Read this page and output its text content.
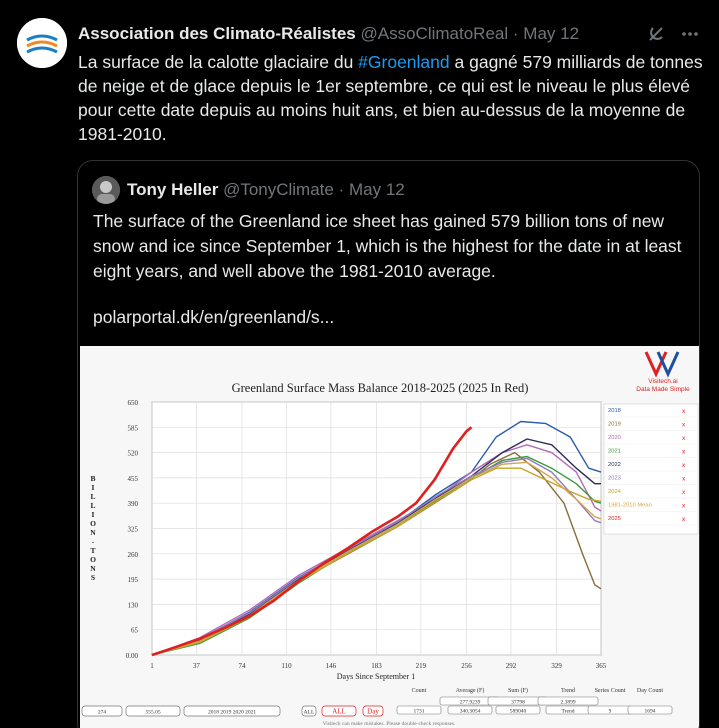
Association des Climato-Réalistes @AssoClimatoReal · May 12
La surface de la calotte glaciaire du #Groenland a gagné 579 milliards de tonnes de neige et de glace depuis le 1er septembre, ce qui est le niveau le plus élevé pour cette date depuis au moins huit ans, et bien au-dessus de la moyenne de 1981-2010.
Tony Heller @TonyClimate · May 12
The surface of the Greenland ice sheet has gained 579 billion tons of new snow and ice since September 1, which is the highest for the date in at least eight years, and well above the 1981-2010 average.
polarportal.dk/en/greenland/s...
Greenland Surface Mass Balance 2018-2025 (2025 In Red)
0.00
65
130
195
260
325
390
455
520
585
650
1	37	74	110	146	183	219	256	292	329	365
B
I
L
L
I
O
N
-
T
O
N
S
Days Since September 1
2018	x
2019	x
2020	x
2021	x
2022	x
2023	x
2024	x
1981-2010 Mean	x
2025	x
Visitech.ai
Data Made Simple
Count	Average (F)	Sum (F)	Trend	Series Count Day Count
277.9239	37798	2.3899
1731	340.3054	589040	Trend	9	1694
274	555.05	2018 2019 2020 2021	ALL	ALL	Day
Visitech can make mistakes. Please double-check responses.
